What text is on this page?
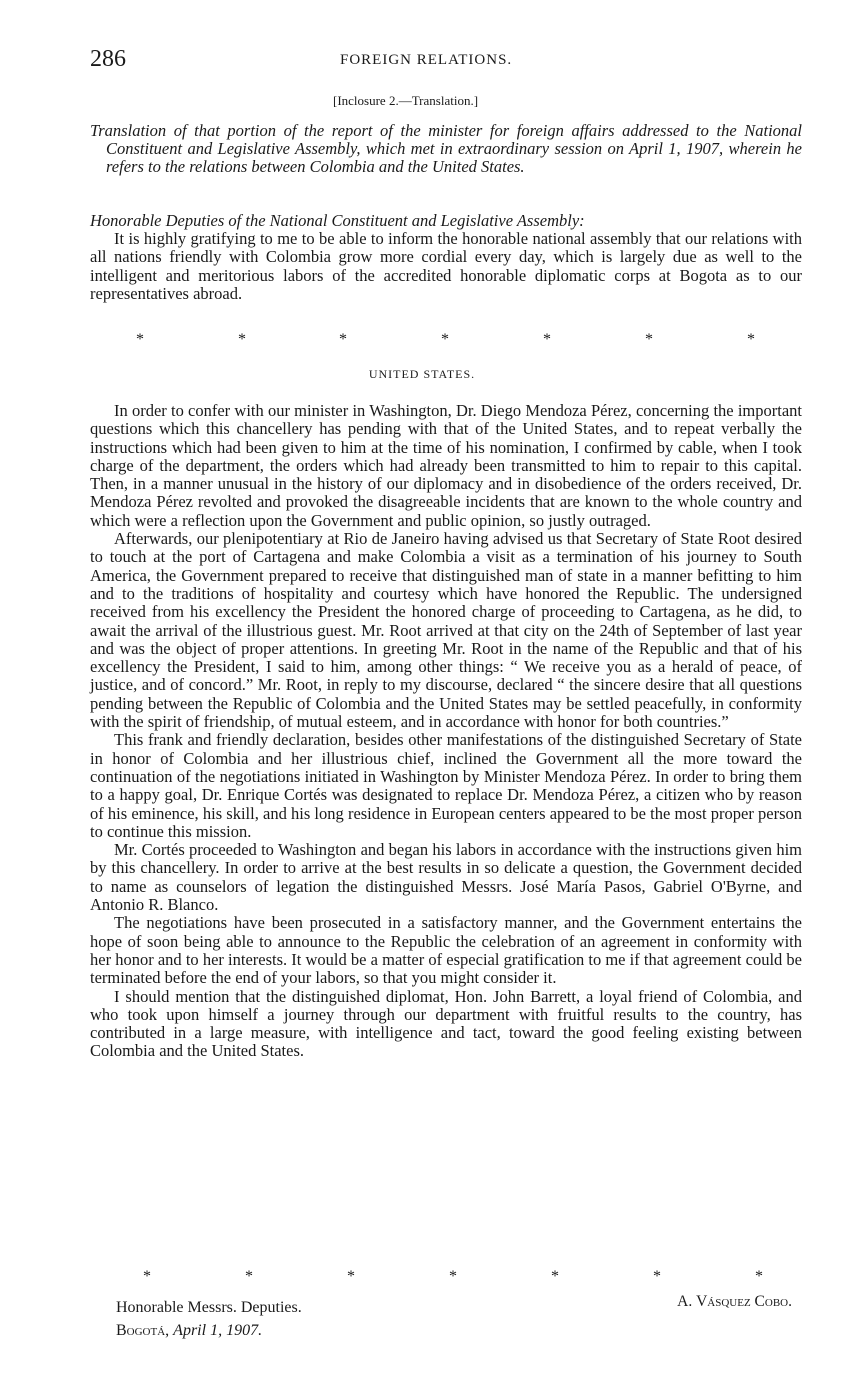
286	FOREIGN RELATIONS.
[Inclosure 2.—Translation.]

Translation of that portion of the report of the minister for foreign affairs addressed to the National Constituent and Legislative Assembly, which met in extraordinary session on April 1, 1907, wherein he refers to the relations between Colombia and the United States.

Honorable Deputies of the National Constituent and Legislative Assembly:

It is highly gratifying to me to be able to inform the honorable national assembly that our relations with all nations friendly with Colombia grow more cordial every day, which is largely due as well to the intelligent and meritorious labors of the accredited honorable diplomatic corps at Bogota as to our representatives abroad.

*	*	*	*	*	*	*
UNITED STATES.

In order to confer with our minister in Washington, Dr. Diego Mendoza Pérez, concerning the important questions which this chancellery has pending with that of the United States, and to repeat verbally the instructions which had been given to him at the time of his nomination, I confirmed by cable, when I took charge of the department, the orders which had already been transmitted to him to repair to this capital. Then, in a manner unusual in the history of our diplomacy and in disobedience of the orders received, Dr. Mendoza Pérez revolted and provoked the disagreeable incidents that are known to the whole country and which were a reflection upon the Government and public opinion, so justly outraged.

Afterwards, our plenipotentiary at Rio de Janeiro having advised us that Secretary of State Root desired to touch at the port of Cartagena and make Colombia a visit as a termination of his journey to South America, the Government prepared to receive that distinguished man of state in a manner befitting to him and to the traditions of hospitality and courtesy which have honored the Republic. The undersigned received from his excellency the President the honored charge of proceeding to Cartagena, as he did, to await the arrival of the illustrious guest. Mr. Root arrived at that city on the 24th of September of last year and was the object of proper attentions. In greeting Mr. Root in the name of the Republic and that of his excellency the President, I said to him, among other things: “ We receive you as a herald of peace, of justice, and of concord.” Mr. Root, in reply to my discourse, declared “ the sincere desire that all questions pending between the Republic of Colombia and the United States may be settled peacefully, in conformity with the spirit of friendship, of mutual esteem, and in accordance with honor for both countries.”

This frank and friendly declaration, besides other manifestations of the distinguished Secretary of State in honor of Colombia and her illustrious chief, inclined the Government all the more toward the continuation of the negotiations initiated in Washington by Minister Mendoza Pérez. In order to bring them to a happy goal, Dr. Enrique Cortés was designated to replace Dr. Mendoza Pérez, a citizen who by reason of his eminence, his skill, and his long residence in European centers appeared to be the most proper person to continue this mission.

Mr. Cortés proceeded to Washington and began his labors in accordance with the instructions given him by this chancellery. In order to arrive at the best results in so delicate a question, the Government decided to name as counselors of legation the distinguished Messrs. José María Pasos, Gabriel O'Byrne, and Antonio R. Blanco.

The negotiations have been prosecuted in a satisfactory manner, and the Government entertains the hope of soon being able to announce to the Republic the celebration of an agreement in conformity with her honor and to her interests. It would be a matter of especial gratification to me if that agreement could be terminated before the end of your labors, so that you might consider it.

I should mention that the distinguished diplomat, Hon. John Barrett, a loyal friend of Colombia, and who took upon himself a journey through our department with fruitful results to the country, has contributed in a large measure, with intelligence and tact, toward the good feeling existing between Colombia and the United States.

*	*	*	*	*	*	*
Honorable Messrs. Deputies.
Bogotá, April 1, 1907.
A. Vásquez Cobo.
